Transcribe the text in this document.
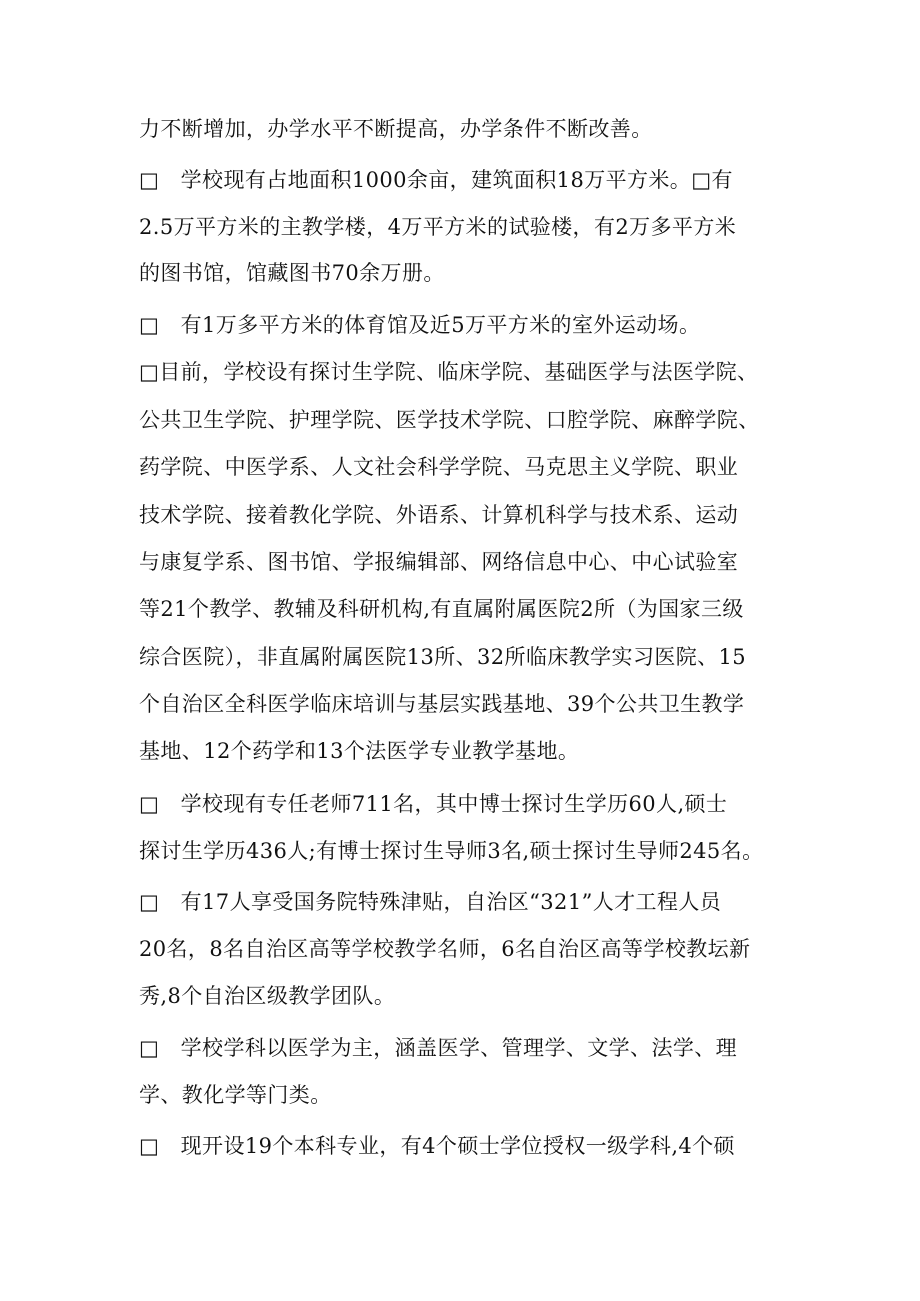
力不断增加，办学水平不断提高，办学条件不断改善。
□　学校现有占地面积1000余亩，建筑面积18万平方米。□有
2.5万平方米的主教学楼，4万平方米的试验楼，有2万多平方米
的图书馆，馆藏图书70余万册。
□　有1万多平方米的体育馆及近5万平方米的室外运动场。
□目前，学校设有探讨生学院、临床学院、基础医学与法医学院、
公共卫生学院、护理学院、医学技术学院、口腔学院、麻醉学院、
药学院、中医学系、人文社会科学学院、马克思主义学院、职业
技术学院、接着教化学院、外语系、计算机科学与技术系、运动
与康复学系、图书馆、学报编辑部、网络信息中心、中心试验室
等21个教学、教辅及科研机构,有直属附属医院2所（为国家三级
综合医院），非直属附属医院13所、32所临床教学实习医院、15
个自治区全科医学临床培训与基层实践基地、39个公共卫生教学
基地、12个药学和13个法医学专业教学基地。
□　学校现有专任老师711名，其中博士探讨生学历60人,硕士
探讨生学历436人;有博士探讨生导师3名,硕士探讨生导师245名。
□　有17人享受国务院特殊津贴，自治区“321”人才工程人员
20名，8名自治区高等学校教学名师，6名自治区高等学校教坛新
秀,8个自治区级教学团队。
□　学校学科以医学为主，涵盖医学、管理学、文学、法学、理
学、教化学等门类。
□　现开设19个本科专业，有4个硕士学位授权一级学科,4个硕
